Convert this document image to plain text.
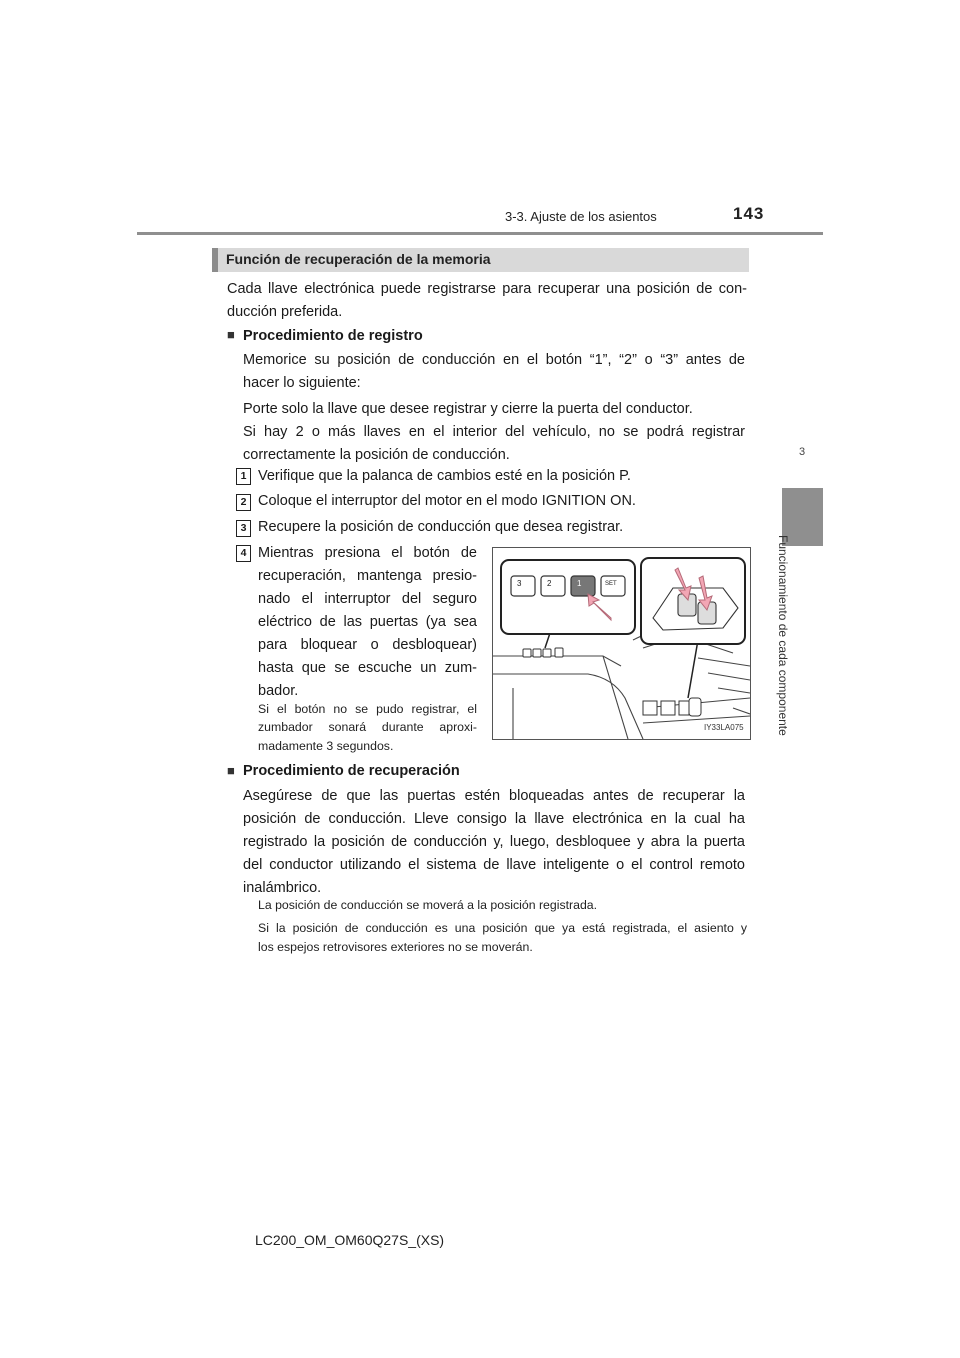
3-3. Ajuste de los asientos	143
3
Funcionamiento de cada componente
Función de recuperación de la memoria
Cada llave electrónica puede registrarse para recuperar una posición de con-
ducción preferida.
■ Procedimiento de registro
Memorice su posición de conducción en el botón “1”, “2” o “3” antes de
hacer lo siguiente:
Porte solo la llave que desee registrar y cierre la puerta del conductor.
Si hay 2 o más llaves en el interior del vehículo, no se podrá registrar
correctamente la posición de conducción.
1 Verifique que la palanca de cambios esté en la posición P.
2 Coloque el interruptor del motor en el modo IGNITION ON.
3 Recupere la posición de conducción que desea registrar.
4 Mientras presiona el botón de
recuperación, mantenga presio-
nado el interruptor del seguro
eléctrico de las puertas (ya sea
para bloquear o desbloquear)
hasta que se escuche un zum-
bador.
Si el botón no se pudo registrar, el
zumbador sonará durante aproxi-
madamente 3 segundos.
3	2	1	SET
IY33LA075
■ Procedimiento de recuperación
Asegúrese de que las puertas estén bloqueadas antes de recuperar la
posición de conducción. Lleve consigo la llave electrónica en la cual ha
registrado la posición de conducción y, luego, desbloquee y abra la puerta
del conductor utilizando el sistema de llave inteligente o el control remoto
inalámbrico.
La posición de conducción se moverá a la posición registrada.
Si la posición de conducción es una posición que ya está registrada, el asiento y
los espejos retrovisores exteriores no se moverán.
LC200_OM_OM60Q27S_(XS)
